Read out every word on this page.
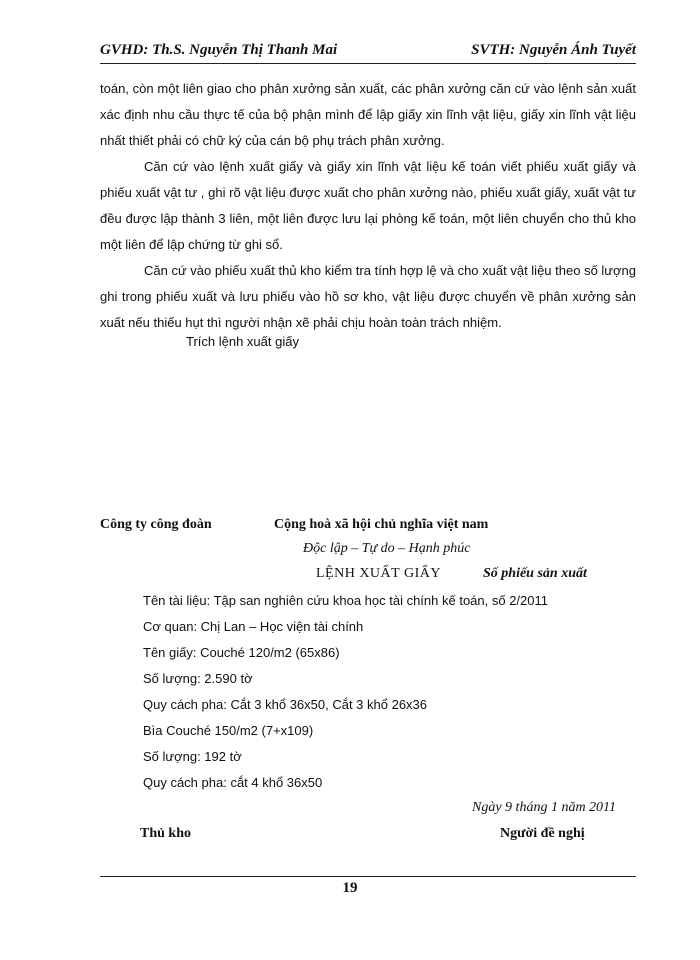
GVHD: Th.S. Nguyễn Thị Thanh Mai	SVTH: Nguyễn Ánh Tuyết

toán, còn một liên giao cho phân xưởng sản xuất, các phân xưởng căn cứ vào lệnh sản xuất xác định nhu cầu thực tế của bộ phận mình để lập giấy xin lĩnh vật liệu, giấy xin lĩnh vật liệu nhất thiết phải có chữ ký của cán bộ phụ trách phân xưởng.

Căn cứ vào lệnh xuất giấy và giấy xin lĩnh vật liệu kế toán viết phiếu xuất giấy và phiếu xuất vật tư , ghi rõ vật liệu được xuất cho phân xưởng nào, phiếu xuất giấy, xuất vật tư đều được lập thành 3 liên, một liên được lưu lại phòng kế toán, một liên chuyển cho thủ kho một liên để lập chứng từ ghi sổ.

Căn cứ vào phiếu xuất thủ kho kiểm tra tính hợp lệ và cho xuất vật liệu theo số lượng ghi trong phiếu xuất và lưu phiếu vào hồ sơ kho, vật liệu được chuyển về phân xưởng sản xuất nếu thiếu hụt thì người nhận xẽ phải chịu hoàn toàn trách nhiệm.

Trích lệnh xuất giấy
Công ty công đoàn	Cộng hoà xã hội chủ nghĩa việt nam
Độc lập – Tự do – Hạnh phúc
LỆNH XUẤT GIẤY	Số phiếu sản xuất
Tên tài liệu: Tập san nghiên cứu khoa học tài chính kế toán, số 2/2011
Cơ quan: Chị Lan – Học viện tài chính
Tên giấy: Couché 120/m2 (65x86)
Số lượng: 2.590 tờ
Quy cách pha: Cắt 3 khổ 36x50, Cắt 3 khổ 26x36
Bìa Couché 150/m2 (7+x109)
Số lượng: 192 tờ
Quy cách pha: cắt 4 khổ 36x50
Ngày 9 tháng 1 năm 2011
Thủ kho	Người đề nghị
19
